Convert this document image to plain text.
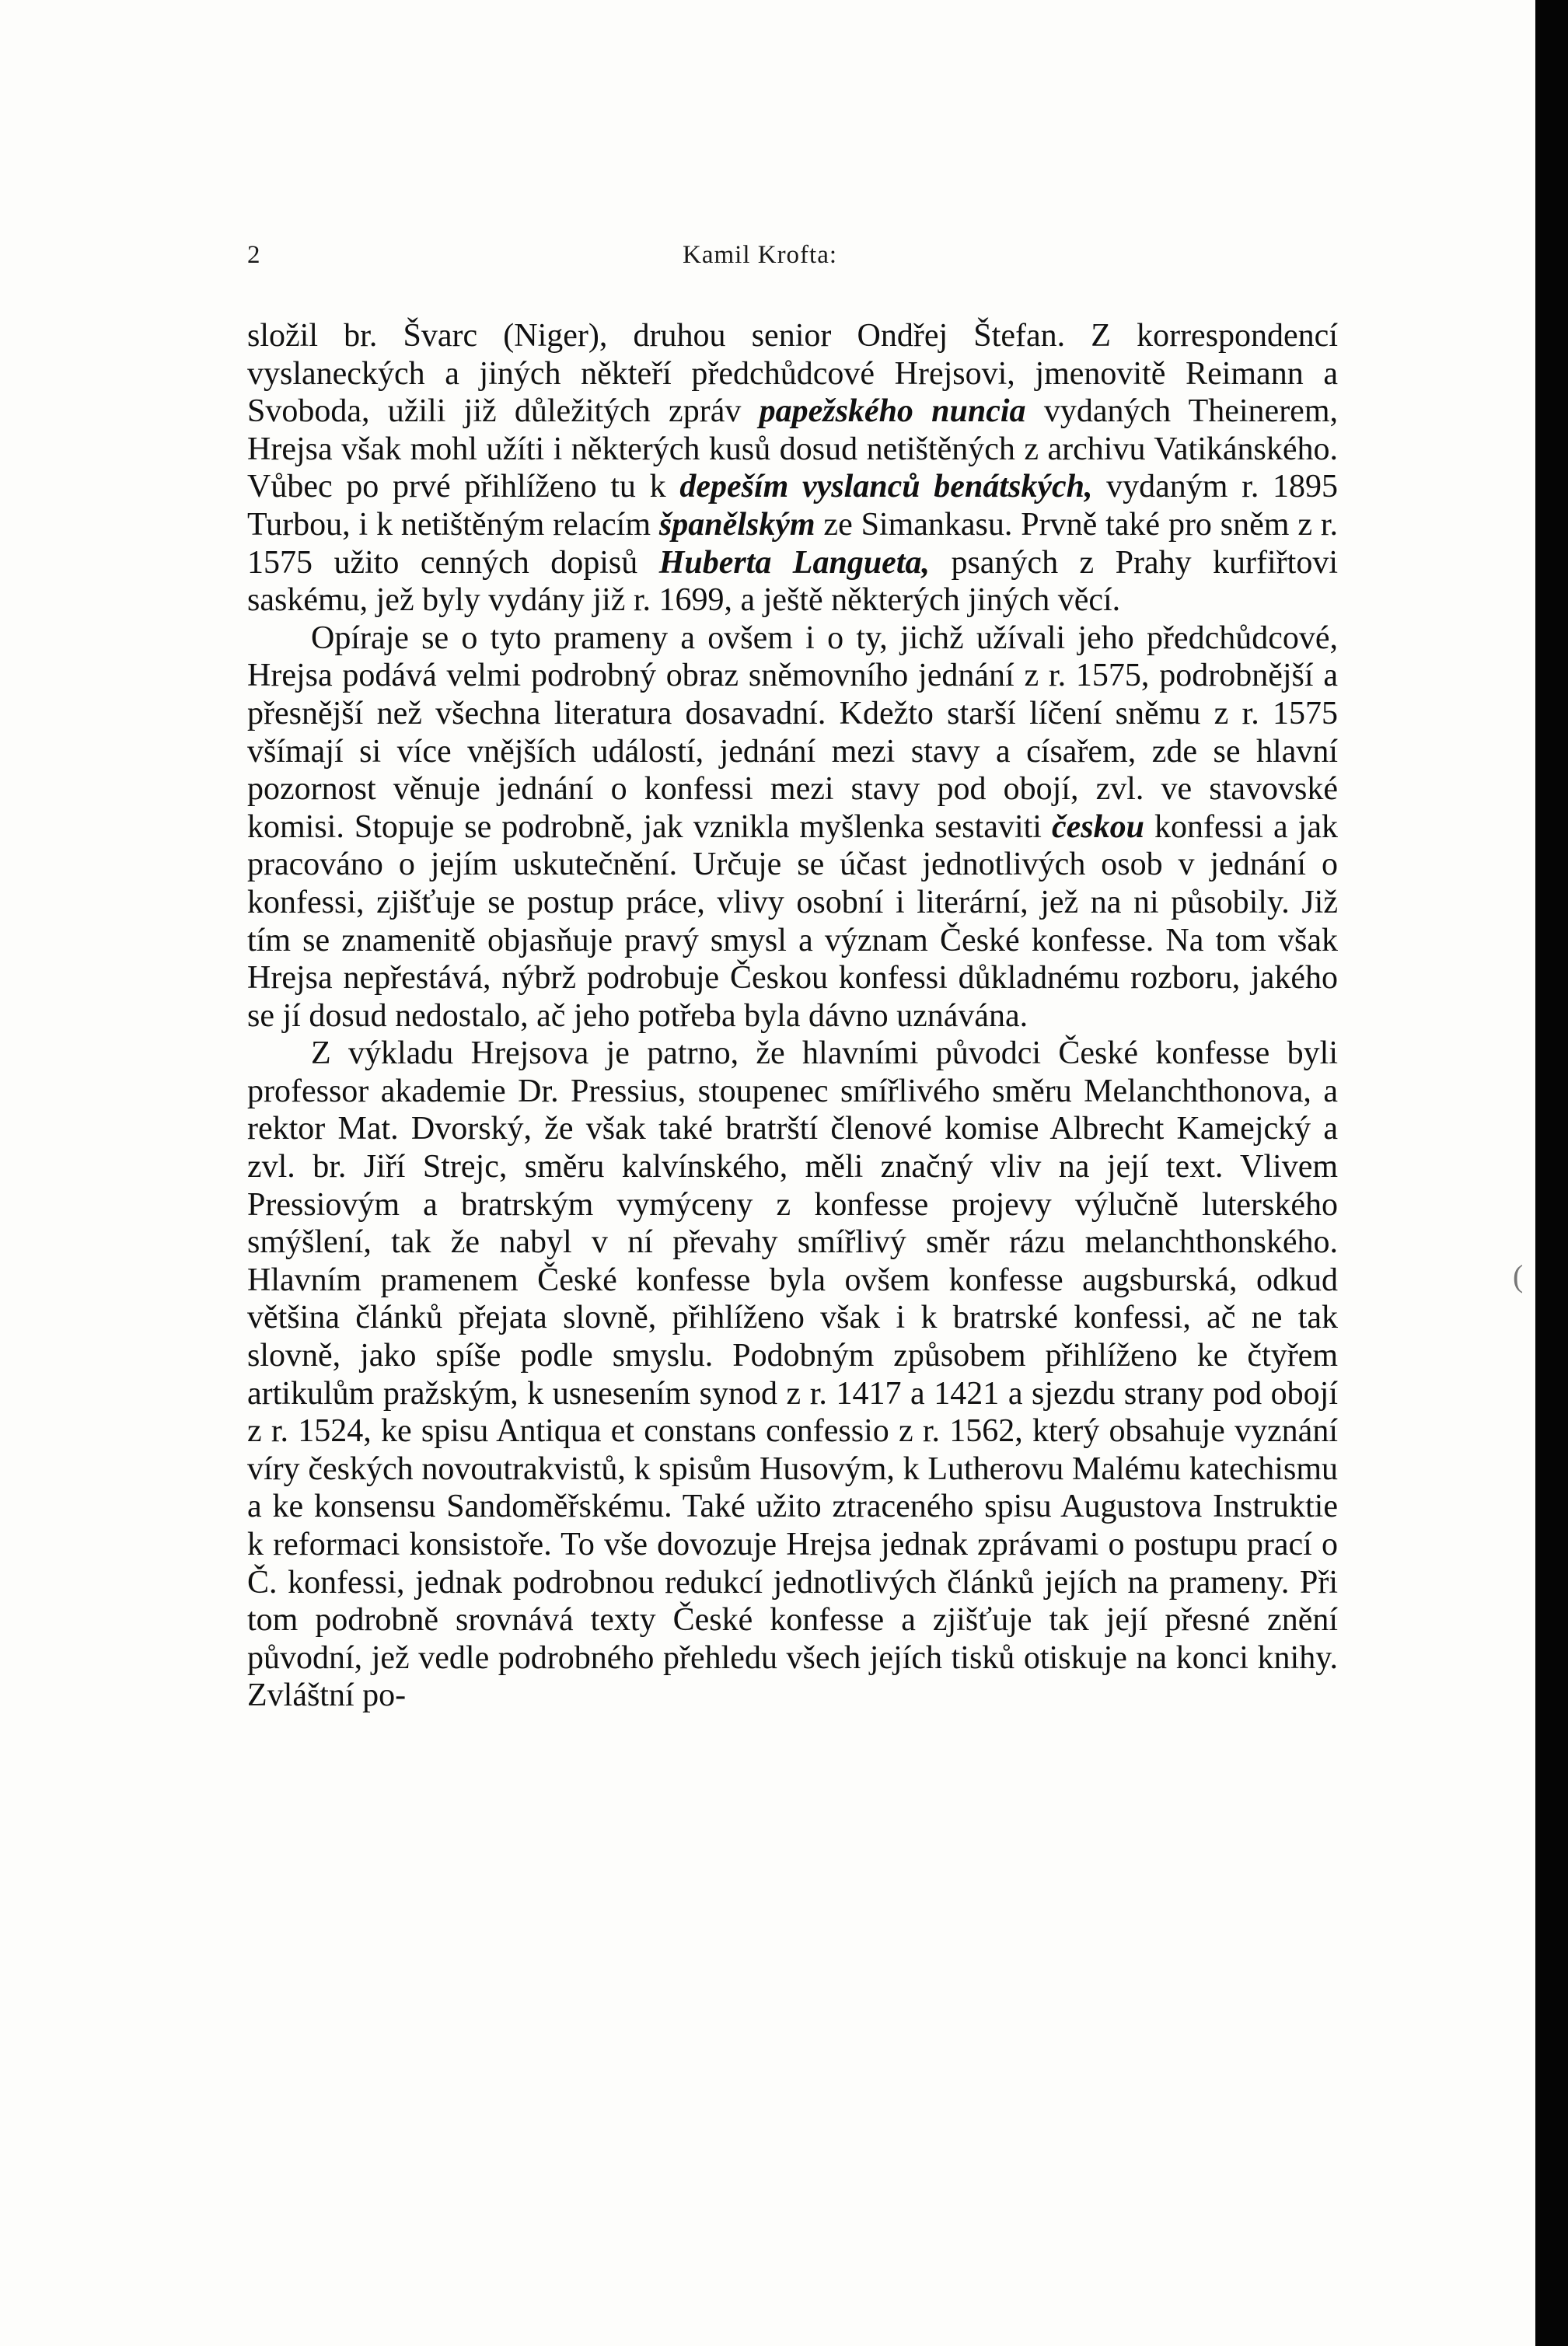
2	Kamil Krofta:

složil br. Švarc (Niger), druhou senior Ondřej Štefan. Z korrespondencí vyslaneckých a jiných někteří předchůdcové Hrejsovi, jmenovitě Reimann a Svoboda, užili již důležitých zpráv papežského nuncia vydaných Theinerem, Hrejsa však mohl užíti i některých kusů dosud netištěných z archivu Vatikánského. Vůbec po prvé přihlíženo tu k depeším vyslanců benátských, vydaným r. 1895 Turbou, i k netištěným relacím španělským ze Simankasu. Prvně také pro sněm z r. 1575 užito cenných dopisů Huberta Langueta, psaných z Prahy kurfiřtovi saskému, jež byly vydány již r. 1699, a ještě některých jiných věcí.

Opíraje se o tyto prameny a ovšem i o ty, jichž užívali jeho předchůdcové, Hrejsa podává velmi podrobný obraz sněmovního jednání z r. 1575, podrobnější a přesnější než všechna literatura dosavadní. Kdežto starší líčení sněmu z r. 1575 všímají si více vnějších událostí, jednání mezi stavy a císařem, zde se hlavní pozornost věnuje jednání o konfessi mezi stavy pod obojí, zvl. ve stavovské komisi. Stopuje se podrobně, jak vznikla myšlenka sestaviti českou konfessi a jak pracováno o jejím uskutečnění. Určuje se účast jednotlivých osob v jednání o konfessi, zjišťuje se postup práce, vlivy osobní i literární, jež na ni působily. Již tím se znamenitě objasňuje pravý smysl a význam České konfesse. Na tom však Hrejsa nepřestává, nýbrž podrobuje Českou konfessi důkladnému rozboru, jakého se jí dosud nedostalo, ač jeho potřeba byla dávno uznávána.

Z výkladu Hrejsova je patrno, že hlavními původci České konfesse byli professor akademie Dr. Pressius, stoupenec smířlivého směru Melanchthonova, a rektor Mat. Dvorský, že však také bratrští členové komise Albrecht Kamejcký a zvl. br. Jiří Strejc, směru kalvínského, měli značný vliv na její text. Vlivem Pressiovým a bratrským vymýceny z konfesse projevy výlučně luterského smýšlení, tak že nabyl v ní převahy smířlivý směr rázu melanchthonského. Hlavním pramenem České konfesse byla ovšem konfesse augsburská, odkud většina článků přejata slovně, přihlíženo však i k bratrské konfessi, ač ne tak slovně, jako spíše podle smyslu. Podobným způsobem přihlíženo ke čtyřem artikulům pražským, k usnesením synod z r. 1417 a 1421 a sjezdu strany pod obojí z r. 1524, ke spisu Antiqua et constans confessio z r. 1562, který obsahuje vyznání víry českých novoutrakvistů, k spisům Husovým, k Lutherovu Malému katechismu a ke konsensu Sandoměřskému. Také užito ztraceného spisu Augustova Instruktie k reformaci konsistoře. To vše dovozuje Hrejsa jednak zprávami o postupu prací o Č. konfessi, jednak podrobnou redukcí jednotlivých článků jejích na prameny. Při tom podrobně srovnává texty České konfesse a zjišťuje tak její přesné znění původní, jež vedle podrobného přehledu všech jejích tisků otiskuje na konci knihy. Zvláštní po-

(
